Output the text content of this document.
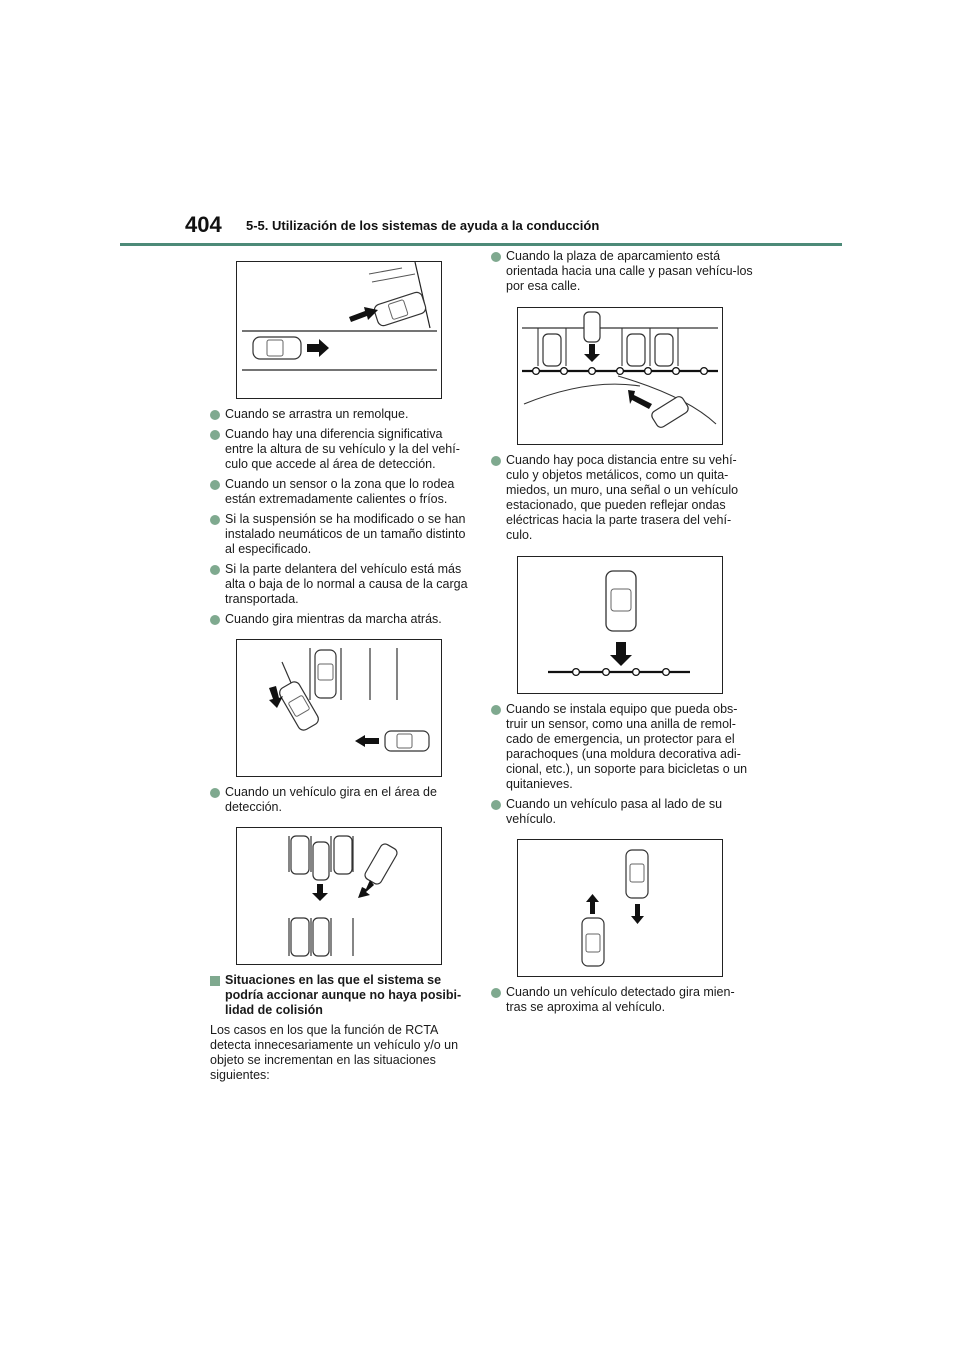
404 5-5. Utilización de los sistemas de ayuda a la conducción
Cuando se arrastra un remolque.
Cuando hay una diferencia significativa entre la altura de su vehículo y la del vehí-culo que accede al área de detección.
Cuando un sensor o la zona que lo rodea están extremadamente calientes o fríos.
Si la suspensión se ha modificado o se han instalado neumáticos de un tamaño distinto al especificado.
Si la parte delantera del vehículo está más alta o baja de lo normal a causa de la carga transportada.
Cuando gira mientras da marcha atrás.
Cuando un vehículo gira en el área de detección.
Situaciones en las que el sistema se podría accionar aunque no haya posibi-lidad de colisión
Los casos en los que la función de RCTA detecta innecesariamente un vehículo y/o un objeto se incrementan en las situaciones siguientes:
Cuando la plaza de aparcamiento está orientada hacia una calle y pasan vehícu-los por esa calle.
Cuando hay poca distancia entre su vehí-culo y objetos metálicos, como un quita-miedos, un muro, una señal o un vehículo estacionado, que pueden reflejar ondas eléctricas hacia la parte trasera del vehí-culo.
Cuando se instala equipo que pueda obs-truir un sensor, como una anilla de remol-cado de emergencia, un protector para el parachoques (una moldura decorativa adi-cional, etc.), un soporte para bicicletas o un quitanieves.
Cuando un vehículo pasa al lado de su vehículo.
Cuando un vehículo detectado gira mien-tras se aproxima al vehículo.
